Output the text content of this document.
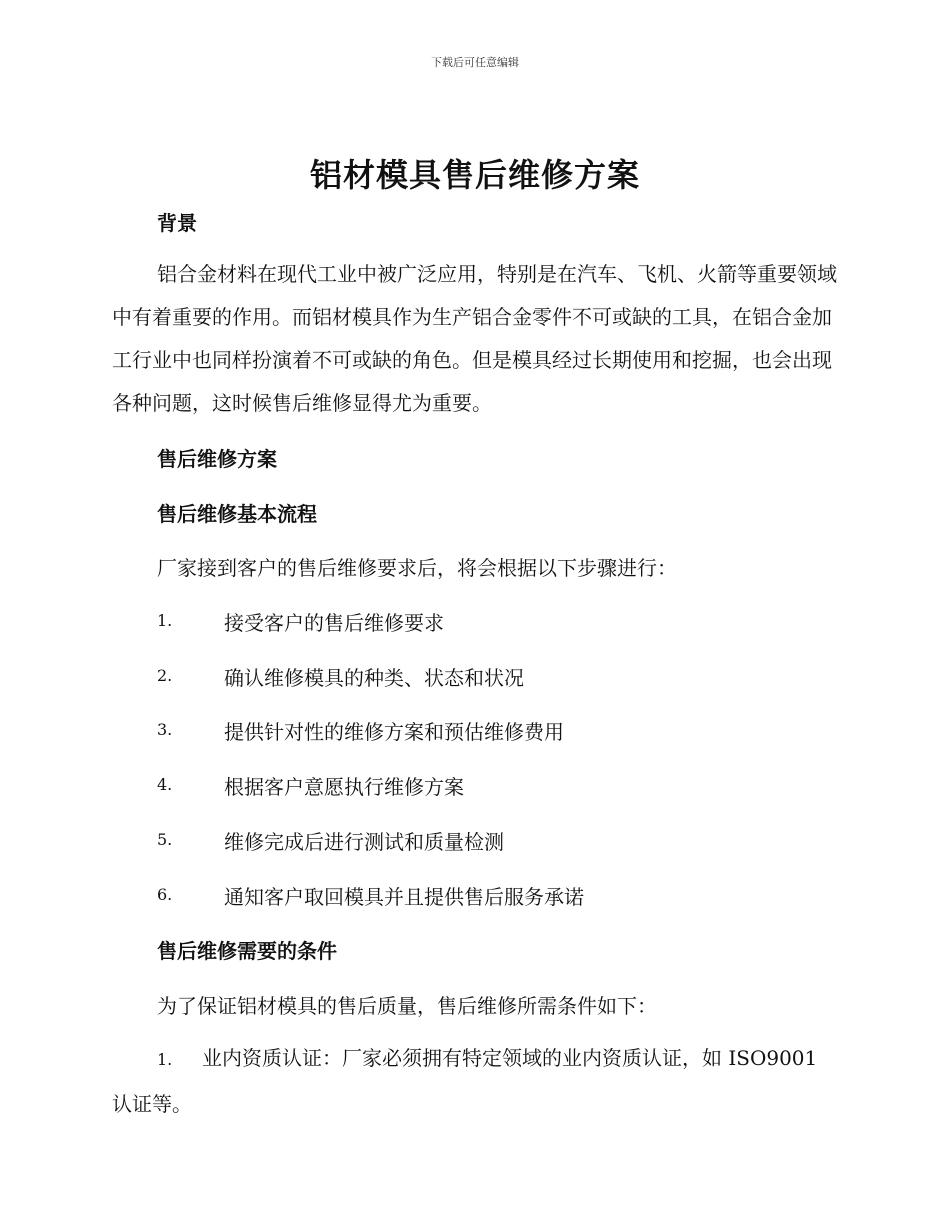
下载后可任意编辑
铝材模具售后维修方案
背景
铝合金材料在现代工业中被广泛应用，特别是在汽车、飞机、火箭等重要领域中有着重要的作用。而铝材模具作为生产铝合金零件不可或缺的工具，在铝合金加工行业中也同样扮演着不可或缺的角色。但是模具经过长期使用和挖掘，也会出现各种问题，这时候售后维修显得尤为重要。
售后维修方案
售后维修基本流程
厂家接到客户的售后维修要求后，将会根据以下步骤进行：
1.	接受客户的售后维修要求
2.	确认维修模具的种类、状态和状况
3.	提供针对性的维修方案和预估维修费用
4.	根据客户意愿执行维修方案
5.	维修完成后进行测试和质量检测
6.	通知客户取回模具并且提供售后服务承诺
售后维修需要的条件
为了保证铝材模具的售后质量，售后维修所需条件如下：
1. 业内资质认证：厂家必须拥有特定领域的业内资质认证，如 ISO9001 认证等。
